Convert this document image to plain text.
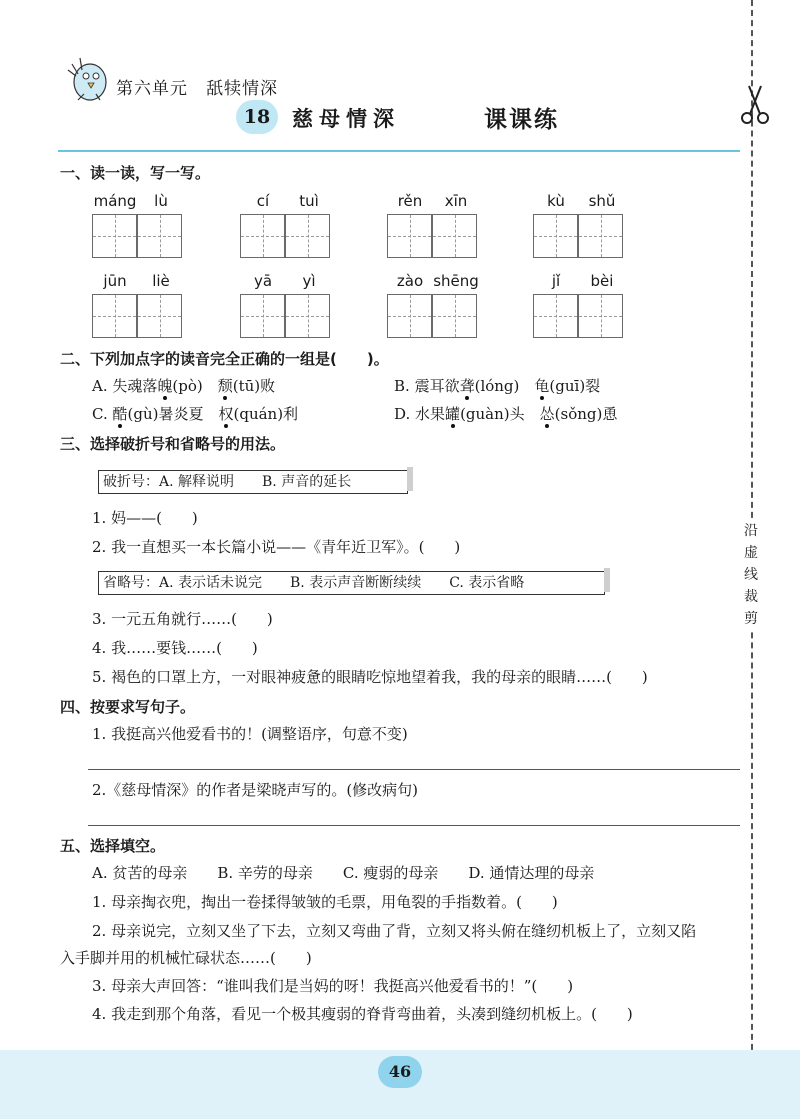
第六单元　舐犊情深
18	慈母情深	课课练
沿
虚
线
裁
剪
一、读一读，写一写。
máng	lù	cí	tuì	rěn	xīn	kù	shǔ
jūn	liè	yā	yì	zào shēng	jǐ	bèi
二、下列加点字的读音完全正确的一组是(　　)。
A. 失魂落魄(pò)　颓(tū)败	B. 震耳欲聋(lóng)　龟(guī)裂
C. 酷(gù)暑炎夏　权(quán)利	D. 水果罐(guàn)头　怂(sǒng)恿
三、选择破折号和省略号的用法。
破折号：A. 解释说明　　B. 声音的延长
1. 妈——(　　)
2. 我一直想买一本长篇小说——《青年近卫军》。(　　)
省略号：A. 表示话未说完　　B. 表示声音断断续续　　C. 表示省略
3. 一元五角就行……(　　)
4. 我……要钱……(　　)
5. 褐色的口罩上方，一对眼神疲惫的眼睛吃惊地望着我，我的母亲的眼睛……(　　)
四、按要求写句子。
1. 我挺高兴他爱看书的！(调整语序，句意不变)
2.《慈母情深》的作者是梁晓声写的。(修改病句)
五、选择填空。
A. 贫苦的母亲　　B. 辛劳的母亲　　C. 瘦弱的母亲　　D. 通情达理的母亲
1. 母亲掏衣兜，掏出一卷揉得皱皱的毛票，用龟裂的手指数着。(　　)
2. 母亲说完，立刻又坐了下去，立刻又弯曲了背，立刻又将头俯在缝纫机板上了，立刻又陷
入手脚并用的机械忙碌状态……(　　)
3. 母亲大声回答：“谁叫我们是当妈的呀！我挺高兴他爱看书的！”(　　)
4. 我走到那个角落，看见一个极其瘦弱的脊背弯曲着，头凑到缝纫机板上。(　　)
46
